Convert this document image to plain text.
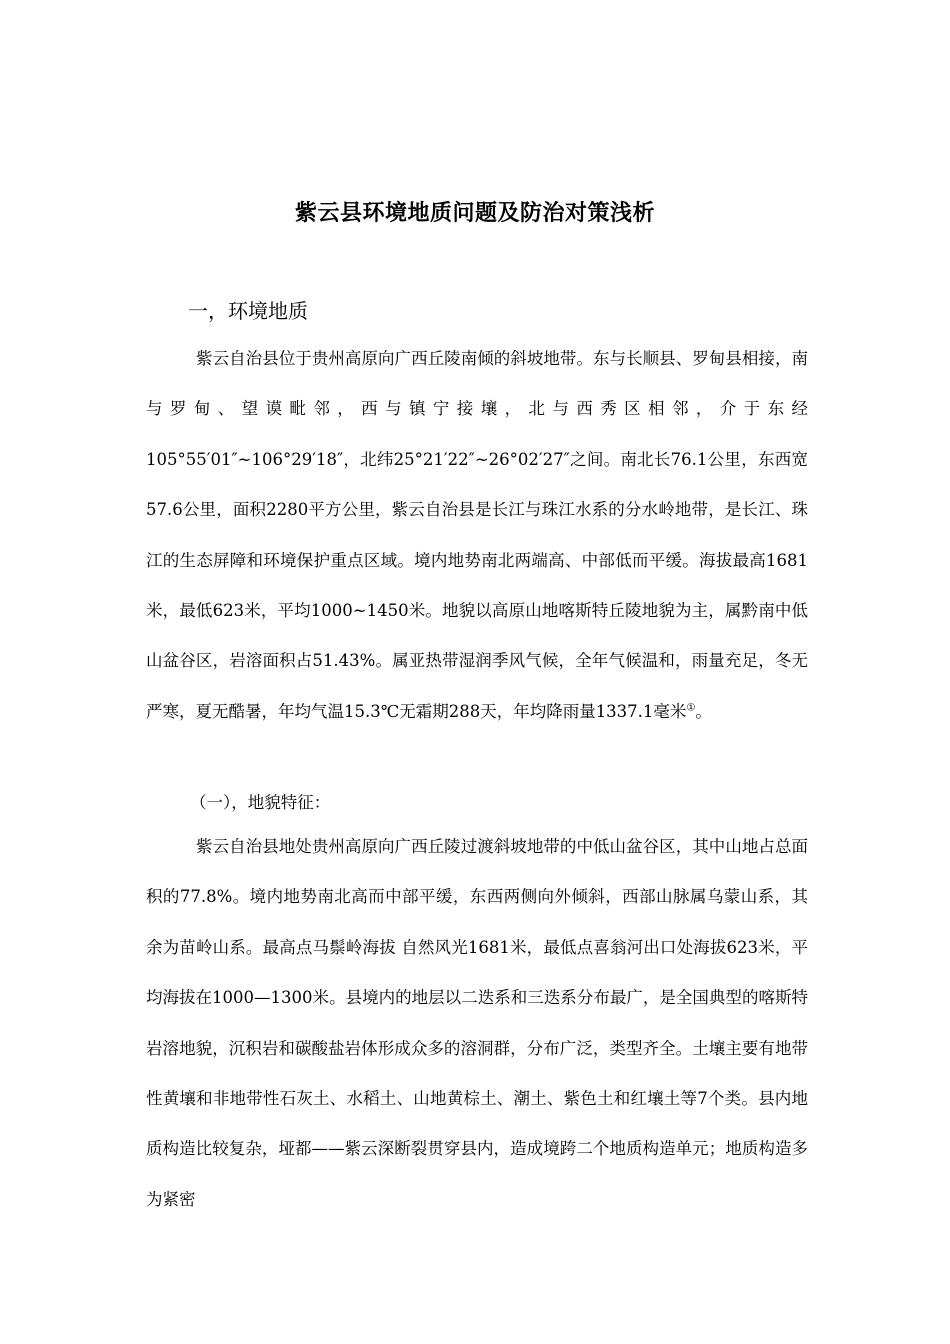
紫云县环境地质问题及防治对策浅析
一，环境地质

紫云自治县位于贵州高原向广西丘陵南倾的斜坡地带。东与长顺县、罗甸县相接，南与罗甸、望谟毗邻，西与镇宁接壤，北与西秀区相邻，介于东经105°55′01″~106°29′18″，北纬25°21′22″~26°02′27″之间。南北长76.1公里，东西宽57.6公里，面积2280平方公里，紫云自治县是长江与珠江水系的分水岭地带，是长江、珠江的生态屏障和环境保护重点区域。境内地势南北两端高、中部低而平缓。海拔最高1681米，最低623米，平均1000~1450米。地貌以高原山地喀斯特丘陵地貌为主，属黔南中低山盆谷区，岩溶面积占51.43%。属亚热带湿润季风气候，全年气候温和，雨量充足，冬无严寒，夏无酷暑，年均气温15.3℃无霜期288天，年均降雨量1337.1毫米①。

（一），地貌特征：

紫云自治县地处贵州高原向广西丘陵过渡斜坡地带的中低山盆谷区，其中山地占总面积的77.8%。境内地势南北高而中部平缓，东西两侧向外倾斜，西部山脉属乌蒙山系，其余为苗岭山系。最高点马鬃岭海拔 自然风光1681米，最低点喜翁河出口处海拔623米，平均海拔在1000—1300米。县境内的地层以二迭系和三迭系分布最广，是全国典型的喀斯特岩溶地貌，沉积岩和碳酸盐岩体形成众多的溶洞群，分布广泛，类型齐全。土壤主要有地带性黄壤和非地带性石灰土、水稻土、山地黄棕土、潮土、紫色土和红壤土等7个类。县内地质构造比较复杂，垭都——紫云深断裂贯穿县内，造成境跨二个地质构造单元；地质构造多为紧密
